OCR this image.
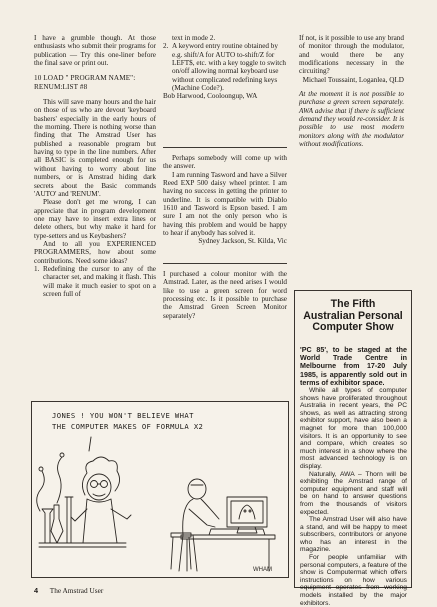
I have a grumble though. At those enthusiasts who submit their programs for publication — Try this one-liner before the final save or print out.

10 LOAD " PROGRAM NAME": RENUM:LIST #8

This will save many hours and the hair on those of us who are devout 'keyboard bashers' especially in the early hours of the morning. There is nothing worse than finding that The Amstrad User has published a reasonable program but having to type in the line numbers. After all BASIC is completed enough for us without having to worry about line numbers, or is Amstrad hiding dark secrets about the Basic commands 'AUTO' and 'RENUM'.

Please don't get me wrong, I can appreciate that in program development one may have to insert extra lines or delete others, but why make it hard for type-setters and us Keybashers?

And to all you EXPERIENCED PROGRAMMERS, how about some contributions. Need some ideas?

1. Redefining the cursor to any of the character set, and making it flash. This will make it much easier to spot on a screen full of

text in mode 2.

2. A keyword entry routine obtained by e.g. shift/A for AUTO to-shift/Z for LEFT$, etc. with a key toggle to switch on/off allowing normal keyboard use without complicated redefining keys (Machine Code?).

Bob Harwood, Cooloongup, WA

Perhaps somebody will come up with the answer.

I am running Tasword and have a Silver Reed EXP 500 daisy wheel printer. I am having no success in getting the printer to underline. It is compatible with Diablo 1610 and Tasword is Epson based. I am sure I am not the only person who is having this problem and would be happy to hear if anybody has solved it.

Sydney Jackson, St. Kilda, Vic

I purchased a colour monitor with the Amstrad. Later, as the need arises I would like to use a green screen for word processing etc. Is it possible to purchase the Amstrad Green Screen Monitor separately?

If not, is it possible to use any brand of monitor through the modulator, and would there be any modifications necessary in the circuiting?

Michael Toussaint, Loganlea, QLD

At the moment it is not possible to purchase a green screen separately. AWA advise that if there is sufficient demand they would re-consider. It is possible to use most modern monitors along with the modulator without modifications.

The Fifth
Australian Personal
Computer Show

'PC 85', to be staged at the World Trade Centre in Melbourne from 17-20 July 1985, is apparently sold out in terms of exhibitor space.

While all types of computer shows have proliferated throughout Australia in recent years, the PC shows, as well as attracting strong exhibitor support, have also been a magnet for more than 100,000 visitors. It is an opportunity to see and compare, which creates so much interest in a show where the most advanced technology is on display.

Naturally, AWA – Thorn will be exhibiting the Amstrad range of computer equipment and staff will be on hand to answer questions from the thousands of visitors expected.

The Amstrad User will also have a stand, and will be happy to meet subscribers, contributors or anyone who has an interest in the magazine.

For people unfamiliar with personal computers, a feature of the show is Computermat which offers instructions on how various equipment operates from working models installed by the major exhibitors.

JONES ! YOU WON'T BELIEVE WHAT
THE COMPUTER MAKES OF FORMULA X2
WHAM
4 The Amstrad User
